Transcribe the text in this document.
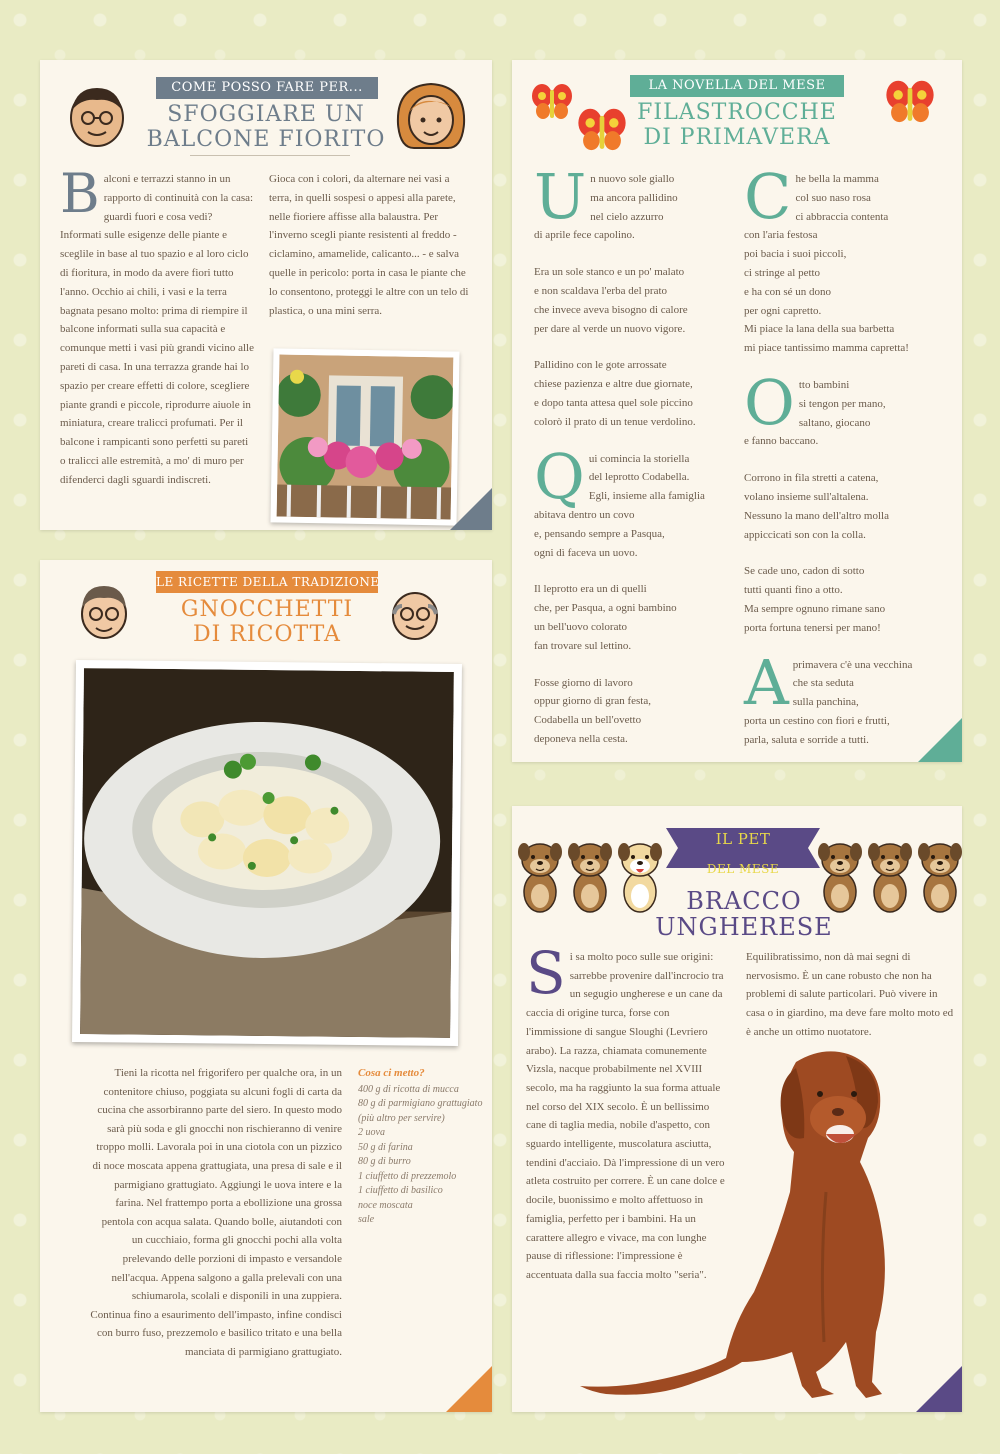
COME POSSO FARE PER...
SFOGGIARE UN
BALCONE FIORITO
Balconi e terrazzi stanno in un rapporto di continuità con la casa: guardi fuori e cosa vedi? Informati sulle esigenze delle piante e sceglile in base al tuo spazio e al loro ciclo di fioritura, in modo da avere fiori tutto l'anno. Occhio ai chili, i vasi e la terra bagnata pesano molto: prima di riempire il balcone informati sulla sua capacità e comunque metti i vasi più grandi vicino alle pareti di casa. In una terrazza grande hai lo spazio per creare effetti di colore, scegliere piante grandi e piccole, riprodurre aiuole in miniatura, creare tralicci profumati. Per il balcone i rampicanti sono perfetti su pareti o tralicci alle estremità, a mo' di muro per difenderci dagli sguardi indiscreti.
Gioca con i colori, da alternare nei vasi a terra, in quelli sospesi o appesi alla parete, nelle fioriere affisse alla balaustra. Per l'inverno scegli piante resistenti al freddo - ciclamino, amamelide, calicanto... - e salva quelle in pericolo: porta in casa le piante che lo consentono, proteggi le altre con un telo di plastica, o una mini serra.
LA NOVELLA DEL MESE
FILASTROCCHE
DI PRIMAVERA
Un nuovo sole giallo
ma ancora pallidino
nel cielo azzurro
di aprile fece capolino.
Era un sole stanco e un po' malato
e non scaldava l'erba del prato
che invece aveva bisogno di calore
per dare al verde un nuovo vigore.
Pallidino con le gote arrossate
chiese pazienza e altre due giornate,
e dopo tanta attesa quel sole piccino
colorò il prato di un tenue verdolino.
Qui comincia la storiella
del leprotto Codabella.
Egli, insieme alla famiglia
abitava dentro un covo
e, pensando sempre a Pasqua,
ogni dì faceva un uovo.
Il leprotto era un di quelli
che, per Pasqua, a ogni bambino
un bell'uovo colorato
fan trovare sul lettino.
Fosse giorno di lavoro
oppur giorno di gran festa,
Codabella un bell'ovetto
deponeva nella cesta.
Che bella la mamma
col suo naso rosa
ci abbraccia contenta
con l'aria festosa
poi bacia i suoi piccoli,
ci stringe al petto
e ha con sé un dono
per ogni capretto.
Mi piace la lana della sua barbetta
mi piace tantissimo mamma capretta!
Otto bambini
si tengon per mano,
saltano, giocano
e fanno baccano.
Corrono in fila stretti a catena,
volano insieme sull'altalena.
Nessuno la mano dell'altro molla
appiccicati son con la colla.
Se cade uno, cadon di sotto
tutti quanti fino a otto.
Ma sempre ognuno rimane sano
porta fortuna tenersi per mano!
Aprimavera c'è una vecchina
che sta seduta
sulla panchina,
porta un cestino con fiori e frutti,
parla, saluta e sorride a tutti.
LE RICETTE DELLA TRADIZIONE
GNOCCHETTI
DI RICOTTA
Tieni la ricotta nel frigorifero per qualche ora, in un contenitore chiuso, poggiata su alcuni fogli di carta da cucina che assorbiranno parte del siero. In questo modo sarà più soda e gli gnocchi non rischieranno di venire troppo molli. Lavorala poi in una ciotola con un pizzico di noce moscata appena grattugiata, una presa di sale e il parmigiano grattugiato. Aggiungi le uova intere e la farina. Nel frattempo porta a ebollizione una grossa pentola con acqua salata. Quando bolle, aiutandoti con un cucchiaio, forma gli gnocchi pochi alla volta prelevando delle porzioni di impasto e versandole nell'acqua. Appena salgono a galla prelevali con una schiumarola, scolali e disponili in una zuppiera. Continua fino a esaurimento dell'impasto, infine condisci con burro fuso, prezzemolo e basilico tritato e una bella manciata di parmigiano grattugiato.
Cosa ci metto?
400 g di ricotta di mucca
80 g di parmigiano grattugiato
(più altro per servire)
2 uova
50 g di farina
80 g di burro
1 ciuffetto di prezzemolo
1 ciuffetto di basilico
noce moscata
sale
IL PET
DEL MESE
BRACCO
UNGHERESE
Si sa molto poco sulle sue origini: sarrebbe provenire dall'incrocio tra un segugio ungherese e un cane da caccia di origine turca, forse con l'immissione di sangue Sloughi (Levriero arabo). La razza, chiamata comunemente Vizsla, nacque probabilmente nel XVIII secolo, ma ha raggiunto la sua forma attuale nel corso del XIX secolo. È un bellissimo cane di taglia media, nobile d'aspetto, con sguardo intelligente, muscolatura asciutta, tendini d'acciaio. Dà l'impressione di un vero atleta costruito per correre. È un cane dolce e docile, buonissimo e molto affettuoso in famiglia, perfetto per i bambini. Ha un carattere allegro e vivace, ma con lunghe pause di riflessione: l'impressione è accentuata dalla sua faccia molto "seria".
Equilibratissimo, non dà mai segni di nervosismo. È un cane robusto che non ha problemi di salute particolari. Può vivere in casa o in giardino, ma deve fare molto moto ed è anche un ottimo nuotatore.
